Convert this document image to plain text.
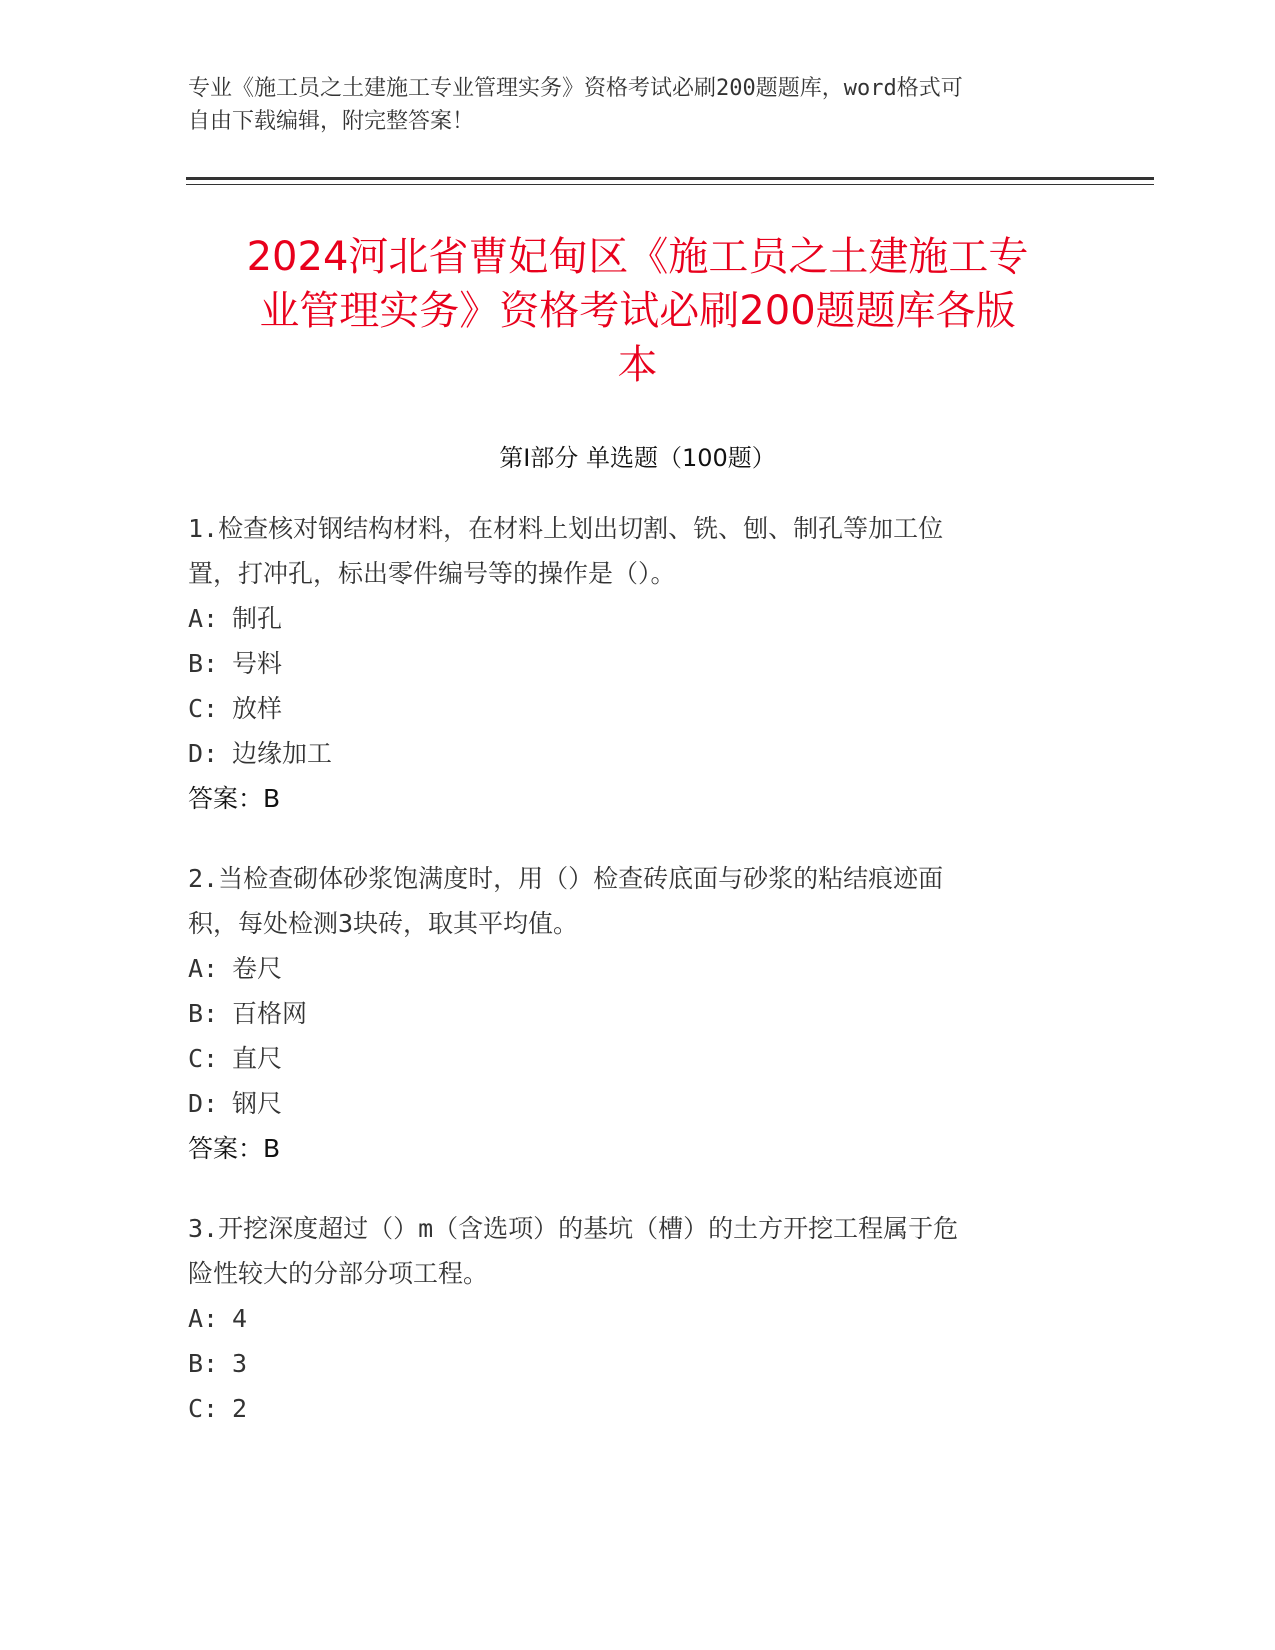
专业《施工员之土建施工专业管理实务》资格考试必刷200题题库，word格式可
自由下载编辑，附完整答案！
2024河北省曹妃甸区《施工员之土建施工专
业管理实务》资格考试必刷200题题库各版
本
第Ⅰ部分 单选题（100题）
1.检查核对钢结构材料，在材料上划出切割、铣、刨、制孔等加工位
置，打冲孔，标出零件编号等的操作是（）。
A: 制孔
B: 号料
C: 放样
D: 边缘加工
答案：B
2.当检查砌体砂浆饱满度时，用（）检查砖底面与砂浆的粘结痕迹面
积，每处检测3块砖，取其平均值。
A: 卷尺
B: 百格网
C: 直尺
D: 钢尺
答案：B
3.开挖深度超过（）m（含选项）的基坑（槽）的土方开挖工程属于危
险性较大的分部分项工程。
A: 4
B: 3
C: 2
